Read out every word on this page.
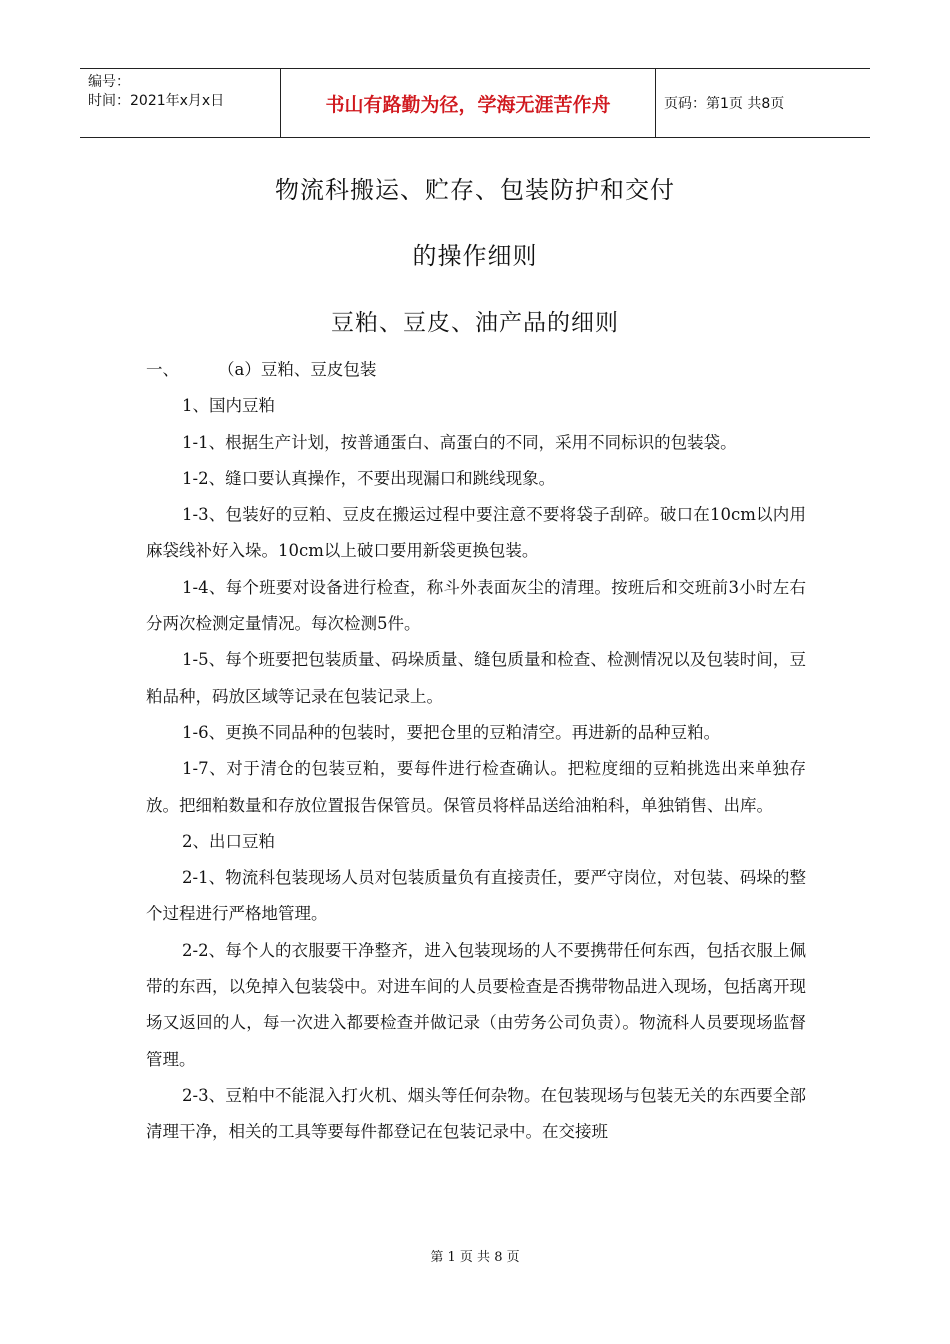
编号：
时间：2021年x月x日	书山有路勤为径，学海无涯苦作舟	页码：第1页 共8页
物流科搬运、贮存、包装防护和交付
的操作细则
豆粕、豆皮、油产品的细则

一、 （a）豆粕、豆皮包装

1、国内豆粕

1-1、根据生产计划，按普通蛋白、高蛋白的不同，采用不同标识的包装袋。

1-2、缝口要认真操作，不要出现漏口和跳线现象。

1-3、包装好的豆粕、豆皮在搬运过程中要注意不要将袋子刮碎。破口在10cm以内用麻袋线补好入垛。10cm以上破口要用新袋更换包装。

1-4、每个班要对设备进行检查，称斗外表面灰尘的清理。按班后和交班前3小时左右分两次检测定量情况。每次检测5件。

1-5、每个班要把包装质量、码垛质量、缝包质量和检查、检测情况以及包装时间，豆粕品种，码放区域等记录在包装记录上。

1-6、更换不同品种的包装时，要把仓里的豆粕清空。再进新的品种豆粕。

1-7、对于清仓的包装豆粕，要每件进行检查确认。把粒度细的豆粕挑选出来单独存放。把细粕数量和存放位置报告保管员。保管员将样品送给油粕科，单独销售、出库。

2、出口豆粕

2-1、物流科包装现场人员对包装质量负有直接责任，要严守岗位，对包装、码垛的整个过程进行严格地管理。

2-2、每个人的衣服要干净整齐，进入包装现场的人不要携带任何东西，包括衣服上佩带的东西，以免掉入包装袋中。对进车间的人员要检查是否携带物品进入现场，包括离开现场又返回的人，每一次进入都要检查并做记录（由劳务公司负责）。物流科人员要现场监督管理。

2-3、豆粕中不能混入打火机、烟头等任何杂物。在包装现场与包装无关的东西要全部清理干净，相关的工具等要每件都登记在包装记录中。在交接班

第 1 页 共 8 页
